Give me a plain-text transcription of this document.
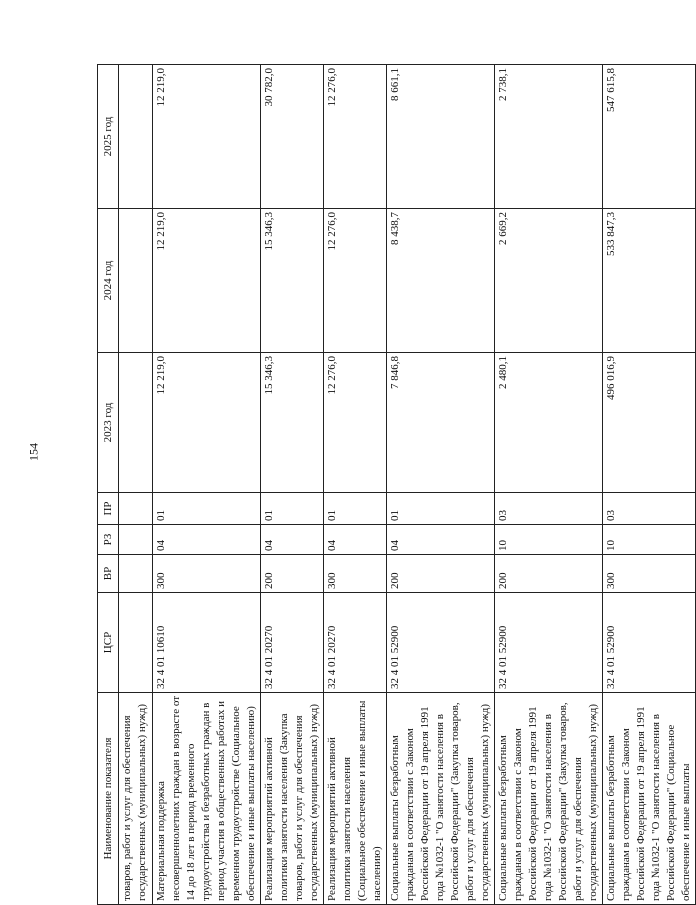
154
Наименование показателя	ЦСР	ВР	РЗ	ПР	2023 год	2024 год	2025 год
товаров, работ и услуг для обеспечения государственных (муниципальных) нужд)							
Материальная поддержка несовершеннолетних граждан в возрасте от 14 до 18 лет в период временного трудоустройства и безработных граждан в период участия в общественных работах и временном трудоустройстве (Социальное обеспечение и иные выплаты населению)	32 4 01 10610	300	04	01	12 219,0	12 219,0	12 219,0
Реализация мероприятий активной политики занятости населения (Закупка товаров, работ и услуг для обеспечения государственных (муниципальных) нужд)	32 4 01 20270	200	04	01	15 346,3	15 346,3	30 782,0
Реализация мероприятий активной политики занятости населения (Социальное обеспечение и иные выплаты населению)	32 4 01 20270	300	04	01	12 276,0	12 276,0	12 276,0
Социальные выплаты безработным гражданам в соответствии с Законом Российской Федерации от 19 апреля 1991 года №1032-1 "О занятости населения в Российской Федерации" (Закупка товаров, работ и услуг для обеспечения государственных (муниципальных) нужд)	32 4 01 52900	200	04	01	7 846,8	8 438,7	8 661,1
Социальные выплаты безработным гражданам в соответствии с Законом Российской Федерации от 19 апреля 1991 года №1032-1 "О занятости населения в Российской Федерации" (Закупка товаров, работ и услуг для обеспечения государственных (муниципальных) нужд)	32 4 01 52900	200	10	03	2 480,1	2 669,2	2 738,1
Социальные выплаты безработным гражданам в соответствии с Законом Российской Федерации от 19 апреля 1991 года №1032-1 "О занятости населения в Российской Федерации" (Социальное обеспечение и иные выплаты	32 4 01 52900	300	10	03	496 016,9	533 847,3	547 615,8
